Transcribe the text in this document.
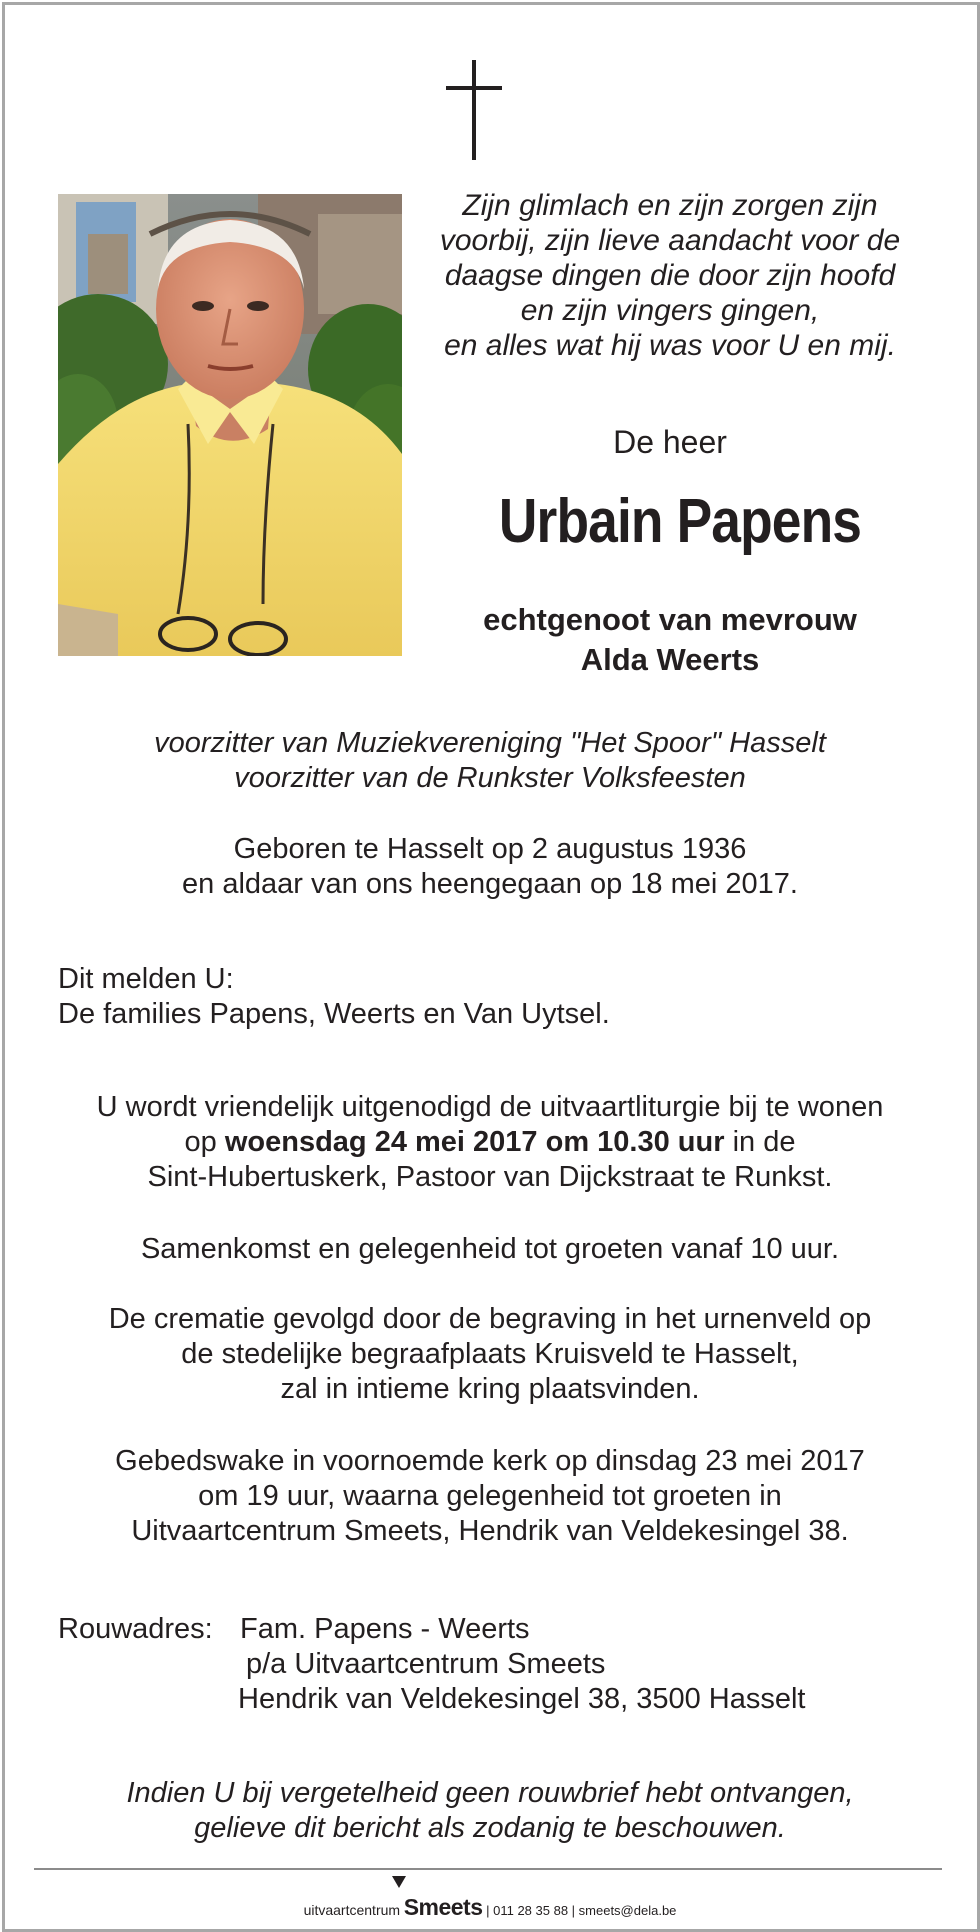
Zijn glimlach en zijn zorgen zijn
voorbij, zijn lieve aandacht voor de
daagse dingen die door zijn hoofd
en zijn vingers gingen,
en alles wat hij was voor U en mij.
De heer
Urbain Papens
echtgenoot van mevrouw
Alda Weerts
voorzitter van Muziekvereniging "Het Spoor" Hasselt
voorzitter van de Runkster Volksfeesten
Geboren te Hasselt op 2 augustus 1936
en aldaar van ons heengegaan op 18 mei 2017.
Dit melden U:
De families Papens, Weerts en Van Uytsel.
U wordt vriendelijk uitgenodigd de uitvaartliturgie bij te wonen
op woensdag 24 mei 2017 om 10.30 uur in de
Sint-Hubertuskerk, Pastoor van Dijckstraat te Runkst.
Samenkomst en gelegenheid tot groeten vanaf 10 uur.
De crematie gevolgd door de begraving in het urnenveld op
de stedelijke begraafplaats Kruisveld te Hasselt,
zal in intieme kring plaatsvinden.
Gebedswake in voornoemde kerk op dinsdag 23 mei 2017
om 19 uur, waarna gelegenheid tot groeten in
Uitvaartcentrum Smeets, Hendrik van Veldekesingel 38.
Rouwadres: Fam. Papens - Weerts
p/a Uitvaartcentrum Smeets
Hendrik van Veldekesingel 38, 3500 Hasselt
Indien U bij vergetelheid geen rouwbrief hebt ontvangen,
gelieve dit bericht als zodanig te beschouwen.
uitvaartcentrum Smeets | 011 28 35 88 | smeets@dela.be
